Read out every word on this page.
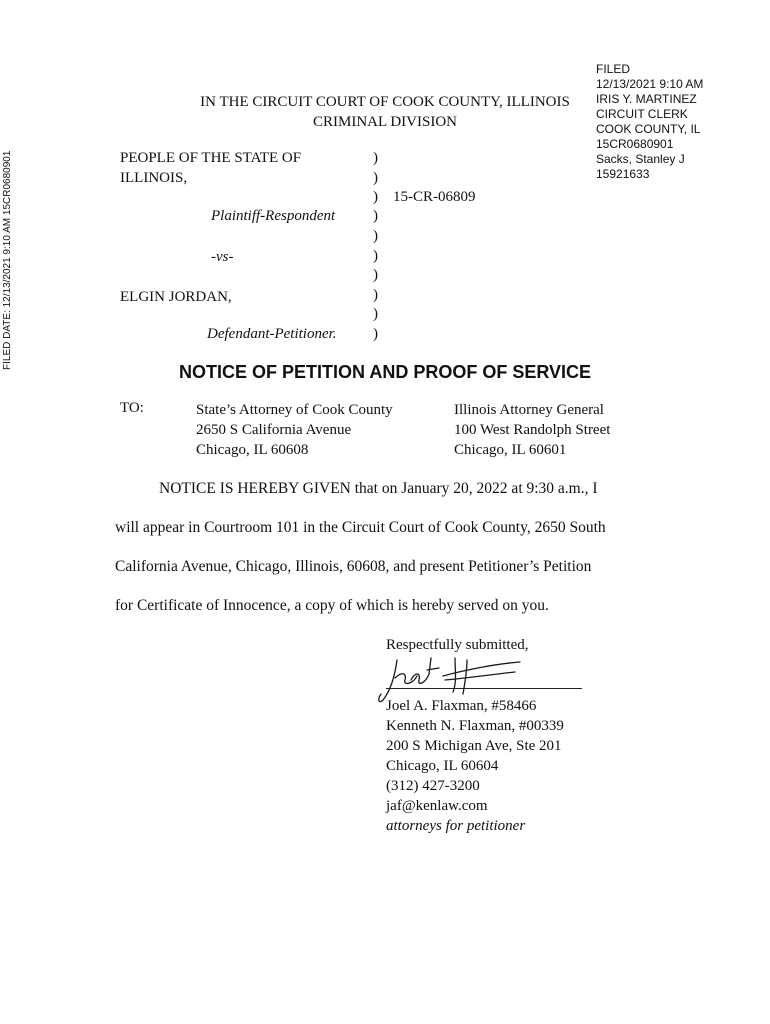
FILED
12/13/2021 9:10 AM
IRIS Y. MARTINEZ
CIRCUIT CLERK
COOK COUNTY, IL
15CR0680901
Sacks, Stanley J
15921633
FILED DATE: 12/13/2021 9:10 AM 15CR0680901
IN THE CIRCUIT COURT OF COOK COUNTY, ILLINOIS
CRIMINAL DIVISION
PEOPLE OF THE STATE OF
ILLINOIS,
Plaintiff-Respondent
-vs-
ELGIN JORDAN,
Defendant-Petitioner.
15-CR-06809
)
)
)
)
)
)
)
)
)
)
NOTICE OF PETITION AND PROOF OF SERVICE
TO:	State’s Attorney of Cook County
2650 S California Avenue
Chicago, IL 60608
Illinois Attorney General
100 West Randolph Street
Chicago, IL 60601
NOTICE IS HEREBY GIVEN that on January 20, 2022 at 9:30 a.m., I
will appear in Courtroom 101 in the Circuit Court of Cook County, 2650 South
California Avenue, Chicago, Illinois, 60608, and present Petitioner’s Petition
for Certificate of Innocence, a copy of which is hereby served on you.
Respectfully submitted,
Joel A. Flaxman, #58466
Kenneth N. Flaxman, #00339
200 S Michigan Ave, Ste 201
Chicago, IL 60604
(312) 427-3200
jaf@kenlaw.com
attorneys for petitioner
